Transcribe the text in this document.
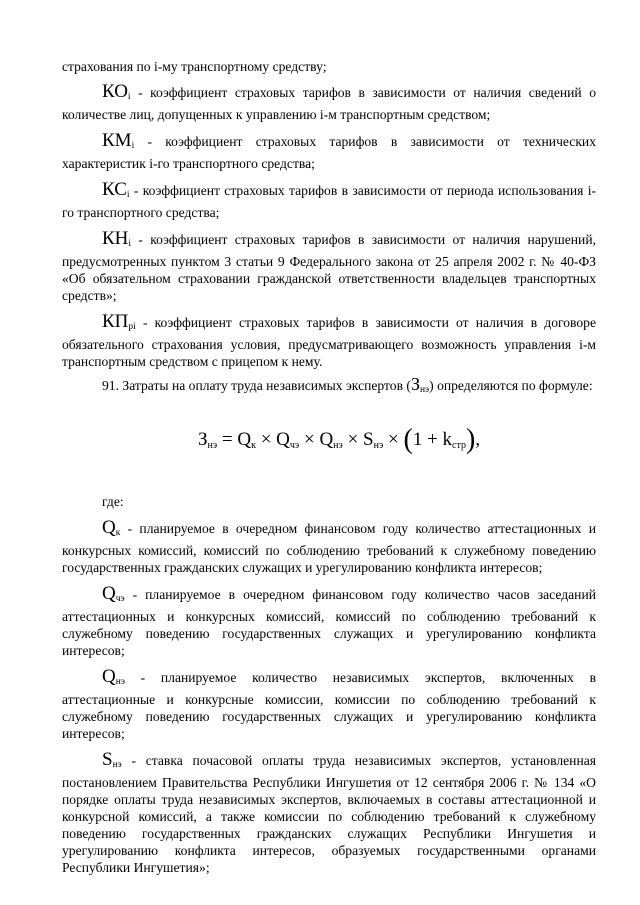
страхования по i-му транспортному средству;

$КО_i$ - коэффициент страховых тарифов в зависимости от наличия сведений о количестве лиц, допущенных к управлению i-м транспортным средством;

$КМ_i$ - коэффициент страховых тарифов в зависимости от технических характеристик i-го транспортного средства;

$КС_i$ - коэффициент страховых тарифов в зависимости от периода использования i-го транспортного средства;

$КН_i$ - коэффициент страховых тарифов в зависимости от наличия нарушений, предусмотренных пунктом 3 статьи 9 Федерального закона от 25 апреля 2002 г. № 40-ФЗ «Об обязательном страховании гражданской ответственности владельцев транспортных средств»;

$КП_{рi}$ - коэффициент страховых тарифов в зависимости от наличия в договоре обязательного страхования условия, предусматривающего возможность управления i-м транспортным средством с прицепом к нему.

91. Затраты на оплату труда независимых экспертов $(З_{нэ})$ определяются по формуле:

$З_{нэ} = Q_к \times Q_{чэ} \times Q_{нэ} \times S_{нэ} \times (1 + k_{стр})$,

где:

$Q_к$ - планируемое в очередном финансовом году количество аттестационных и конкурсных комиссий, комиссий по соблюдению требований к служебному поведению государственных гражданских служащих и урегулированию конфликта интересов;

$Q_{чэ}$ - планируемое в очередном финансовом году количество часов заседаний аттестационных и конкурсных комиссий, комиссий по соблюдению требований к служебному поведению государственных служащих и урегулированию конфликта интересов;

$Q_{нэ}$ - планируемое количество независимых экспертов, включенных в аттестационные и конкурсные комиссии, комиссии по соблюдению требований к служебному поведению государственных служащих и урегулированию конфликта интересов;

$S_{нэ}$ - ставка почасовой оплаты труда независимых экспертов, установленная постановлением Правительства Республики Ингушетия от 12 сентября 2006 г. № 134 «О порядке оплаты труда независимых экспертов, включаемых в составы аттестационной и конкурсной комиссий, а также комиссии по соблюдению требований к служебному поведению государственных гражданских служащих Республики Ингушетия и урегулированию конфликта интересов, образуемых государственными органами Республики Ингушетия»;
